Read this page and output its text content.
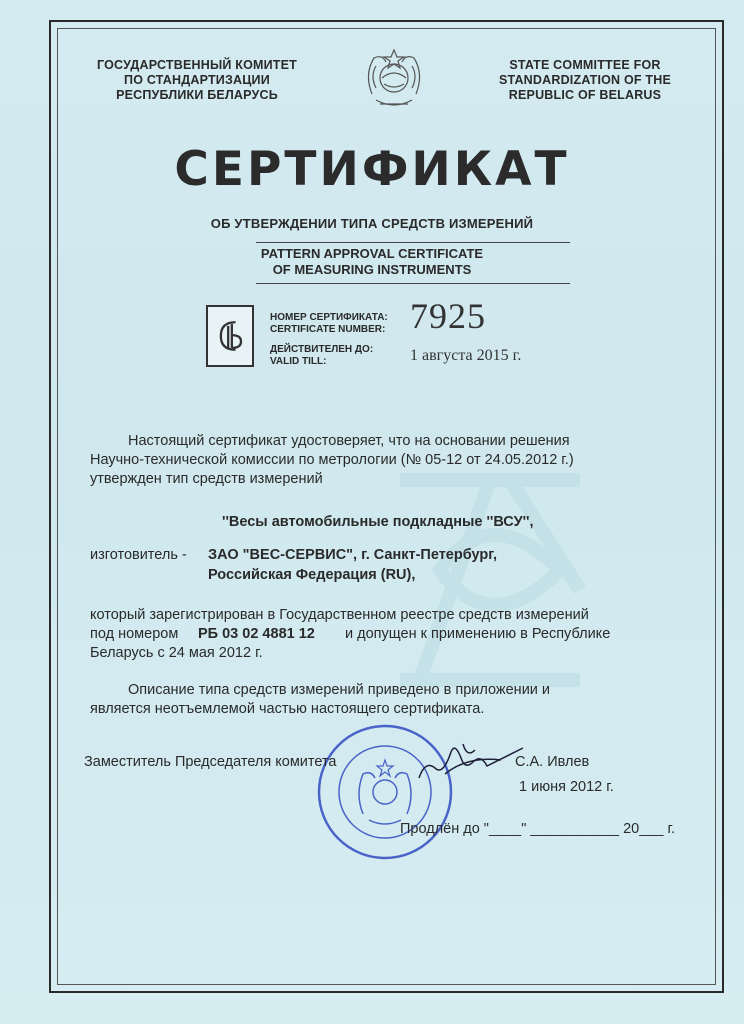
ГОСУДАРСТВЕННЫЙ КОМИТЕТ
ПО СТАНДАРТИЗАЦИИ
РЕСПУБЛИКИ БЕЛАРУСЬ
STATE COMMITTEE FOR
STANDARDIZATION OF THE
REPUBLIC OF BELARUS
СЕРТИФИКАТ
ОБ УТВЕРЖДЕНИИ ТИПА СРЕДСТВ ИЗМЕРЕНИЙ
PATTERN APPROVAL CERTIFICATE
OF MEASURING INSTRUMENTS
НОМЕР СЕРТИФИКАТА:
CERTIFICATE NUMBER: 7925
ДЕЙСТВИТЕЛЕН ДО:
VALID TILL:	1 августа 2015 г.
Настоящий сертификат удостоверяет, что на основании решения
Научно-технической комиссии по метрологии (№ 05-12 от 24.05.2012 г.)
утвержден тип средств измерений
''Весы автомобильные подкладные ''ВСУ'',
изготовитель - ЗАО "ВЕС-СЕРВИС", г. Санкт-Петербург,
Российская Федерация (RU),
который зарегистрирован в Государственном реестре средств измерений
под номером РБ 03 02 4881 12 и допущен к применению в Республике
Беларусь с 24 мая 2012 г.
Описание типа средств измерений приведено в приложении и
является неотъемлемой частью настоящего сертификата.
Заместитель Председателя комитета	С.А. Ивлев
1 июня 2012 г.
Продлён до "____" ___________ 20___ г.
